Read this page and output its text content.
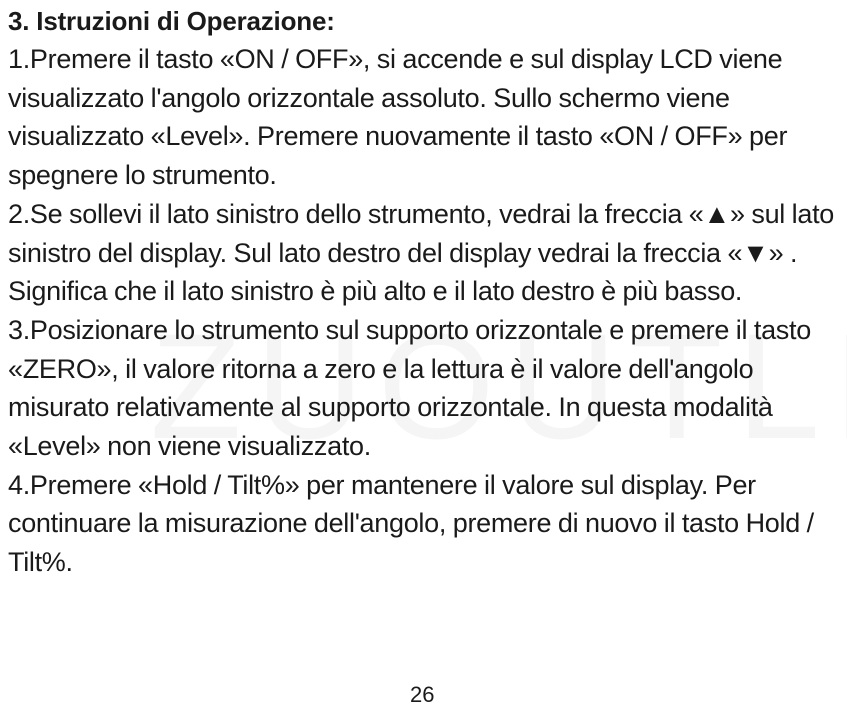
3. Istruzioni di Operazione:

1.Premere il tasto «ON / OFF», si accende e sul display LCD viene visualizzato l'angolo orizzontale assoluto. Sullo schermo viene visualizzato «Level». Premere nuovamente il tasto «ON / OFF» per spegnere lo strumento.

2.Se sollevi il lato sinistro dello strumento, vedrai la freccia «▲» sul lato sinistro del display. Sul lato destro del display vedrai la freccia «▼» . Significa che il lato sinistro è più alto e il lato destro è più basso.

3.Posizionare lo strumento sul supporto orizzontale e premere il tasto «ZERO», il valore ritorna a zero e la lettura è il valore dell'angolo misurato relativamente al supporto orizzontale. In questa modalità «Level» non viene visualizzato.

4.Premere «Hold / Tilt%» per mantenere il valore sul display. Per continuare la misurazione dell'angolo, premere di nuovo il tasto Hold / Tilt%.

26
